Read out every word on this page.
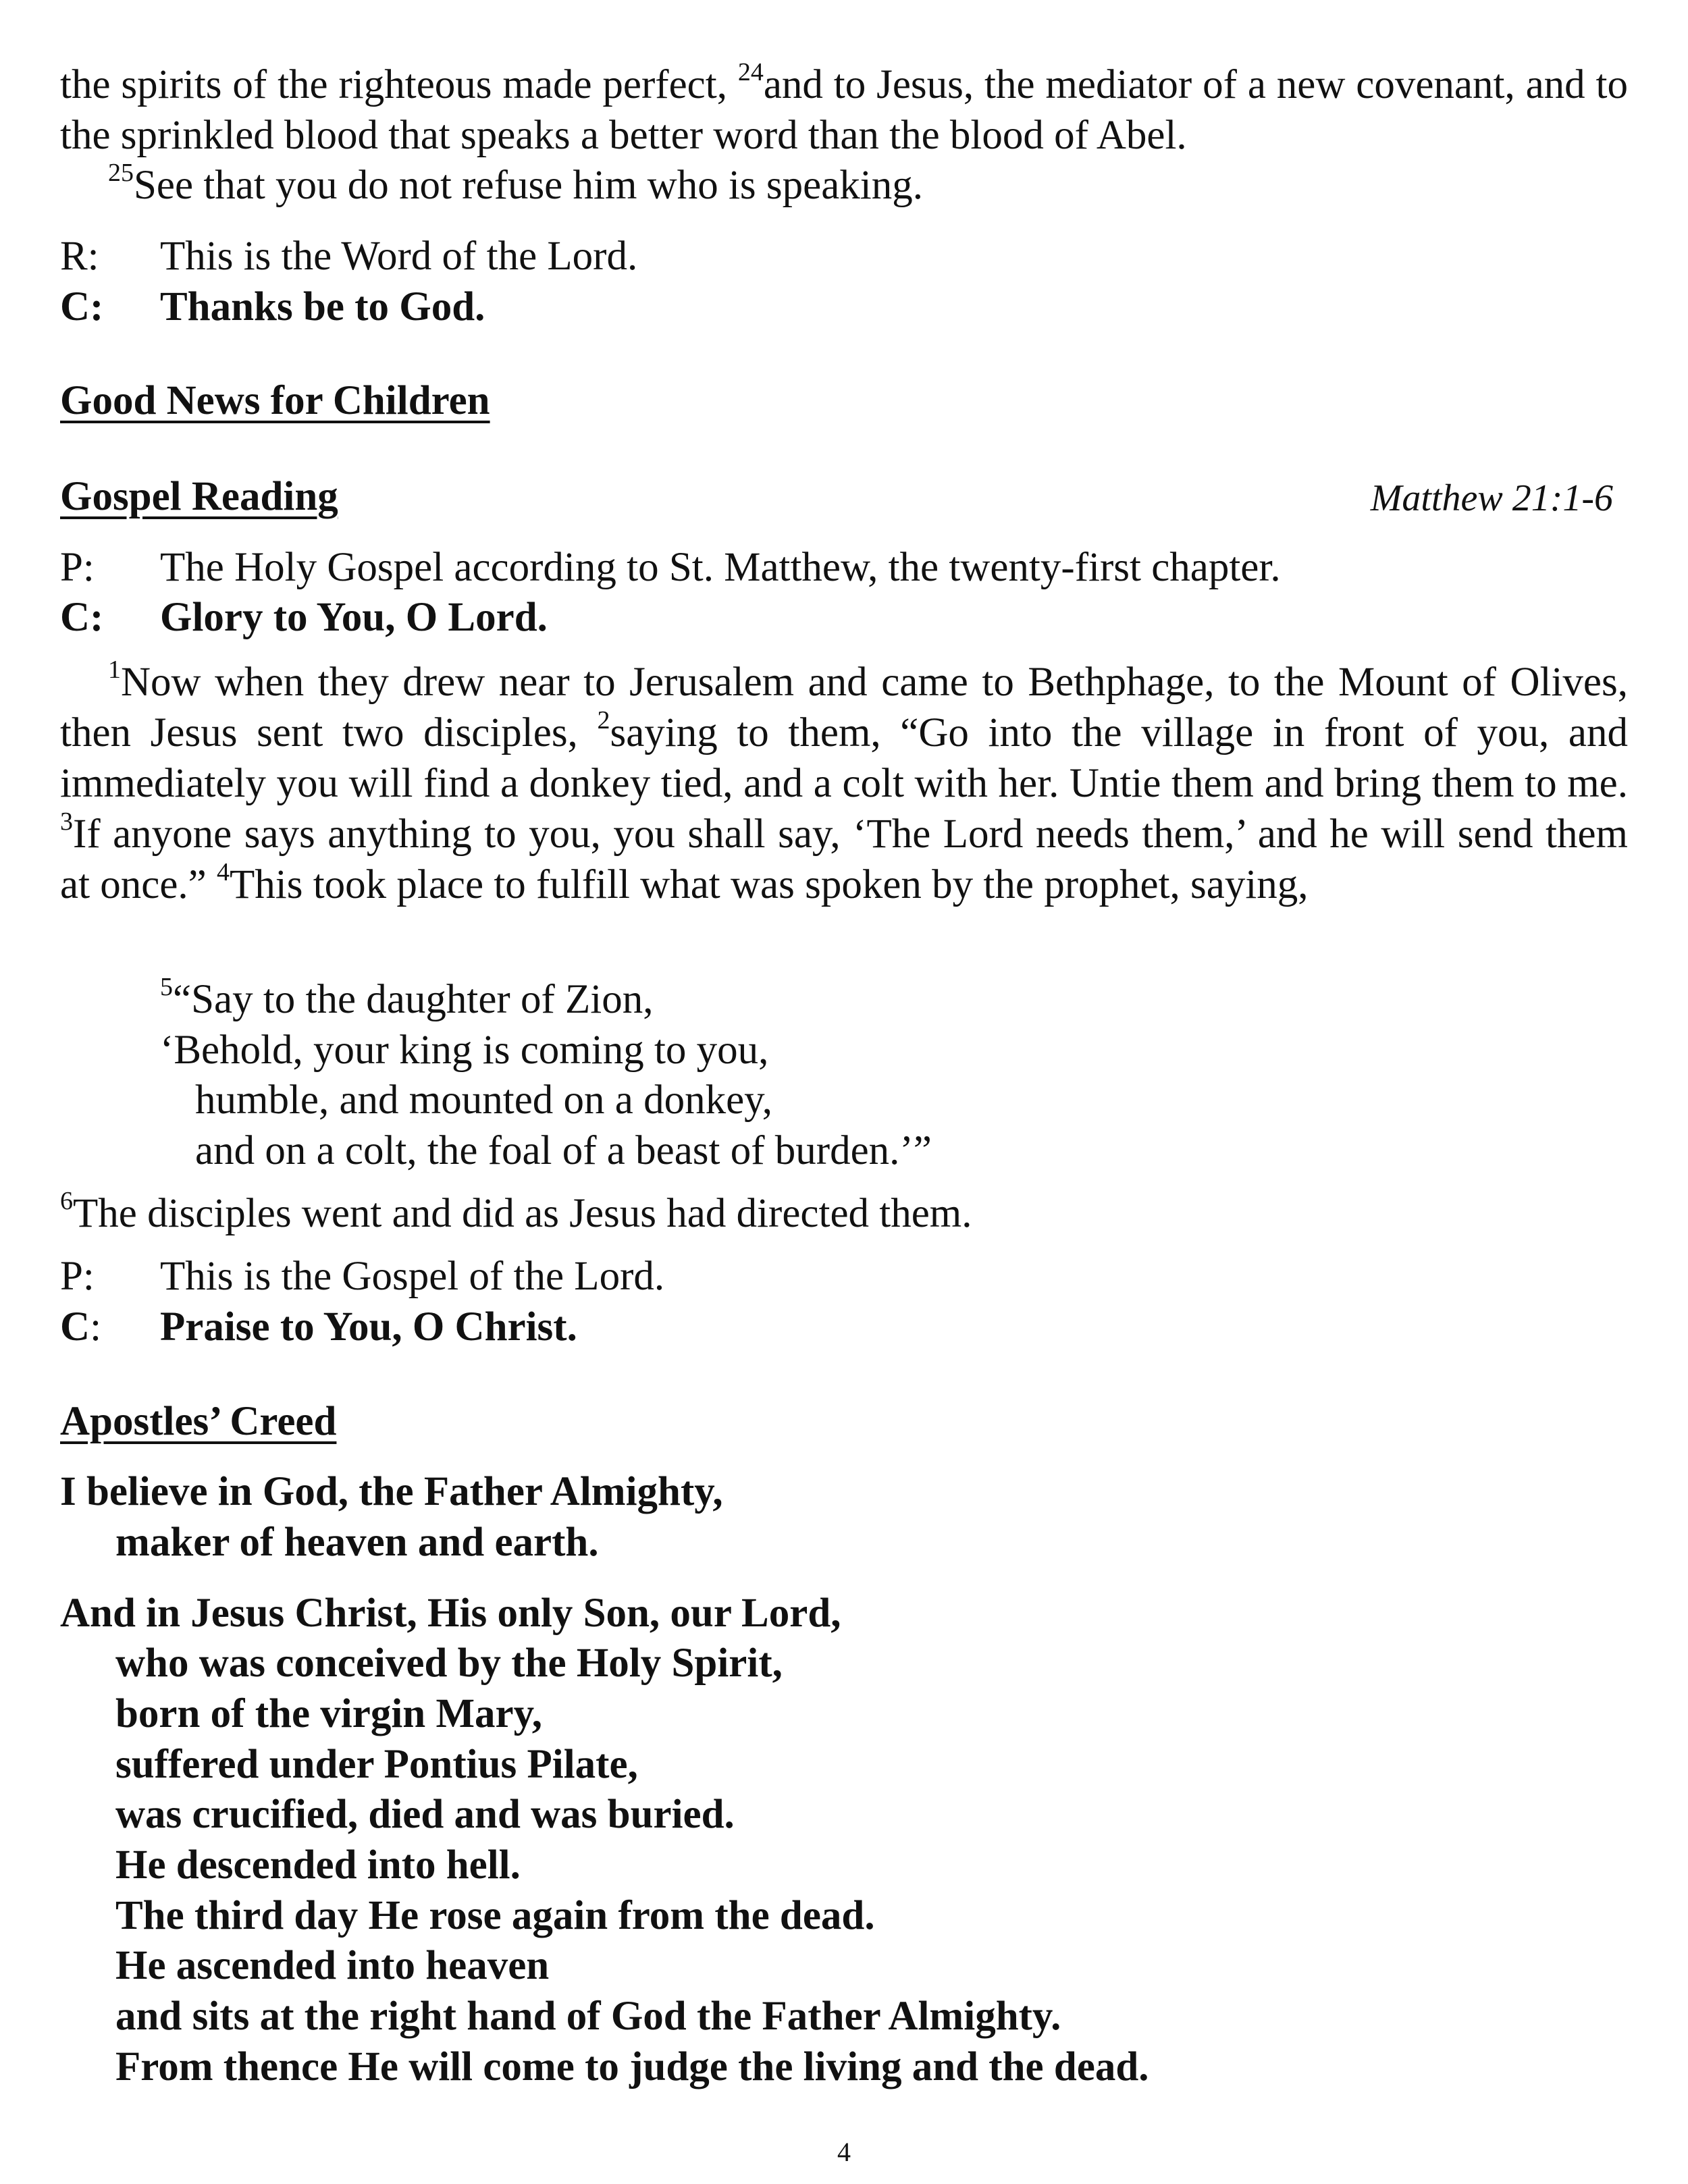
the spirits of the righteous made perfect, $^{24}$and to Jesus, the mediator of a new covenant, and to the sprinkled blood that speaks a better word than the blood of Abel.
$^{25}$See that you do not refuse him who is speaking.
R: This is the Word of the Lord.
C: Thanks be to God.
Good News for Children
Gospel Reading	Matthew 21:1-6
P: The Holy Gospel according to St. Matthew, the twenty-first chapter.
C: Glory to You, O Lord.
$^1$Now when they drew near to Jerusalem and came to Bethphage, to the Mount of Olives, then Jesus sent two disciples, $^2$saying to them, “Go into the village in front of you, and immediately you will find a donkey tied, and a colt with her. Untie them and bring them to me. $^3$If anyone says anything to you, you shall say, ‘The Lord needs them,’ and he will send them at once.” $^4$This took place to fulfill what was spoken by the prophet, saying,
$^5$“Say to the daughter of Zion,
‘Behold, your king is coming to you,
humble, and mounted on a donkey,
and on a colt, the foal of a beast of burden.’”
$^6$The disciples went and did as Jesus had directed them.
P: This is the Gospel of the Lord.
C: Praise to You, O Christ.
Apostles’ Creed
I believe in God, the Father Almighty,
maker of heaven and earth.
And in Jesus Christ, His only Son, our Lord,
who was conceived by the Holy Spirit,
born of the virgin Mary,
suffered under Pontius Pilate,
was crucified, died and was buried.
He descended into hell.
The third day He rose again from the dead.
He ascended into heaven
and sits at the right hand of God the Father Almighty.
From thence He will come to judge the living and the dead.
4
